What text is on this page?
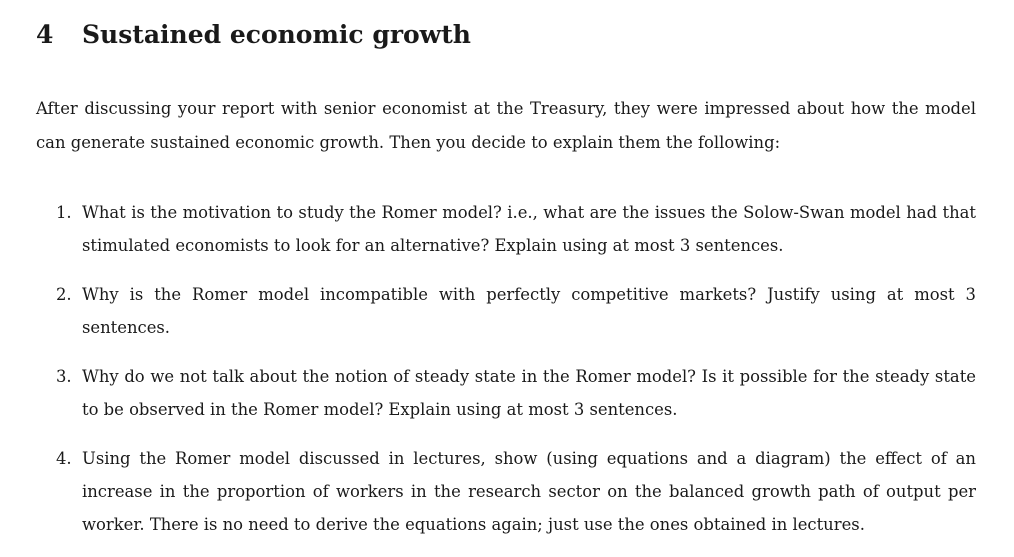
4 Sustained economic growth

After discussing your report with senior economist at the Treasury, they were impressed about how the model can generate sustained economic growth. Then you decide to explain them the following:

1. What is the motivation to study the Romer model? i.e., what are the issues the Solow-Swan model had that stimulated economists to look for an alternative? Explain using at most 3 sentences.
2. Why is the Romer model incompatible with perfectly competitive markets? Justify using at most 3 sentences.
3. Why do we not talk about the notion of steady state in the Romer model? Is it possible for the steady state to be observed in the Romer model? Explain using at most 3 sentences.
4. Using the Romer model discussed in lectures, show (using equations and a diagram) the effect of an increase in the proportion of workers in the research sector on the balanced growth path of output per worker. There is no need to derive the equations again; just use the ones obtained in lectures.
